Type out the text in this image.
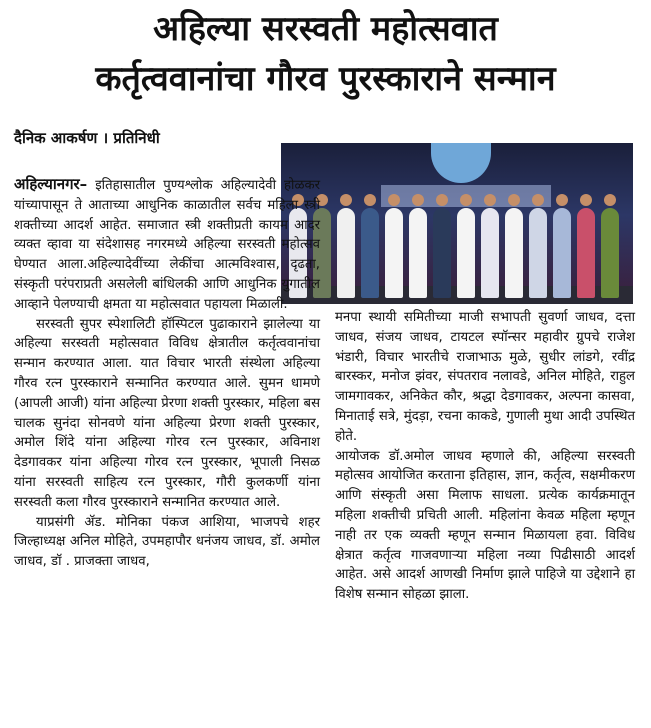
अहिल्या सरस्वती महोत्सवात
कर्तृत्ववानांचा गौरव पुरस्काराने सन्मान
दैनिक आकर्षण । प्रतिनिधी

अहिल्यानगर– इतिहासातील पुण्यश्लोक अहिल्यादेवी होळकर यांच्यापासून ते आताच्या आधुनिक काळातील सर्वच महिला स्त्री शक्तीच्या आदर्श आहेत. समाजात स्त्री शक्तीप्रती कायम आदर व्यक्त व्हावा या संदेशासह नगरमध्ये अहिल्या सरस्वती महोत्सव घेण्यात आला.अहिल्यादेवींच्या लेकींचा आत्मविश्वास, दृढता, संस्कृती परंपराप्रती असलेली बांधिलकी आणि आधुनिक युगातील आव्हाने पेलण्याची क्षमता या महोत्सवात पहायला मिळाली.

सरस्वती सुपर स्पेशालिटी हॉस्पिटल पुढाकाराने झालेल्या या अहिल्या सरस्वती महोत्सवात विविध क्षेत्रातील कर्तृत्ववानांचा सन्मान करण्यात आला. यात विचार भारती संस्थेला अहिल्या गौरव रत्न पुरस्काराने सन्मानित करण्यात आले. सुमन धामणे (आपली आजी) यांना अहिल्या प्रेरणा शक्ती पुरस्कार, महिला बस चालक सुनंदा सोनवणे यांना अहिल्या प्रेरणा शक्ती पुरस्कार, अमोल शिंदे यांना अहिल्या गोरव रत्न पुरस्कार, अविनाश देडगावकर यांना अहिल्या गोरव रत्न पुरस्कार, भूपाली निसळ यांना सरस्वती साहित्य रत्न पुरस्कार, गौरी कुलकर्णी यांना सरस्वती कला गौरव पुरस्काराने सन्मानित करण्यात आले.

याप्रसंगी ॲड. मोनिका पंकज आशिया, भाजपचे शहर जिल्हाध्यक्ष अनिल मोहिते, उपमहापौर धनंजय जाधव, डॉ. अमोल जाधव, डॉ . प्राजक्ता जाधव,

मनपा स्थायी समितीच्या माजी सभापती सुवर्णा जाधव, दत्ता जाधव, संजय जाधव, टायटल स्पॉन्सर महावीर ग्रुपचे राजेश भंडारी, विचार भारतीचे राजाभाऊ मुळे, सुधीर लांडगे, रवींद्र बारस्कर, मनोज झंवर, संपतराव नलावडे, अनिल मोहिते, राहुल जामगावकर, अनिकेत कौर, श्रद्धा देडगावकर, अल्पना कासवा, मिनाताई सत्रे, मुंदड़ा, रचना काकडे, गुणाली मुथा आदी उपस्थित होते.

आयोजक डॉ.अमोल जाधव म्हणाले की, अहिल्या सरस्वती महोत्सव आयोजित करताना इतिहास, ज्ञान, कर्तृत्व, सक्षमीकरण आणि संस्कृती असा मिलाफ साधला. प्रत्येक कार्यक्रमातून महिला शक्तीची प्रचिती आली. महिलांना केवळ महिला म्हणून नाही तर एक व्यक्ती म्हणून सन्मान मिळायला हवा. विविध क्षेत्रात कर्तृत्व गाजवणाऱ्या महिला नव्या पिढीसाठी आदर्श आहेत. असे आदर्श आणखी निर्माण झाले पाहिजे या उद्देशाने हा विशेष सन्मान सोहळा झाला.
